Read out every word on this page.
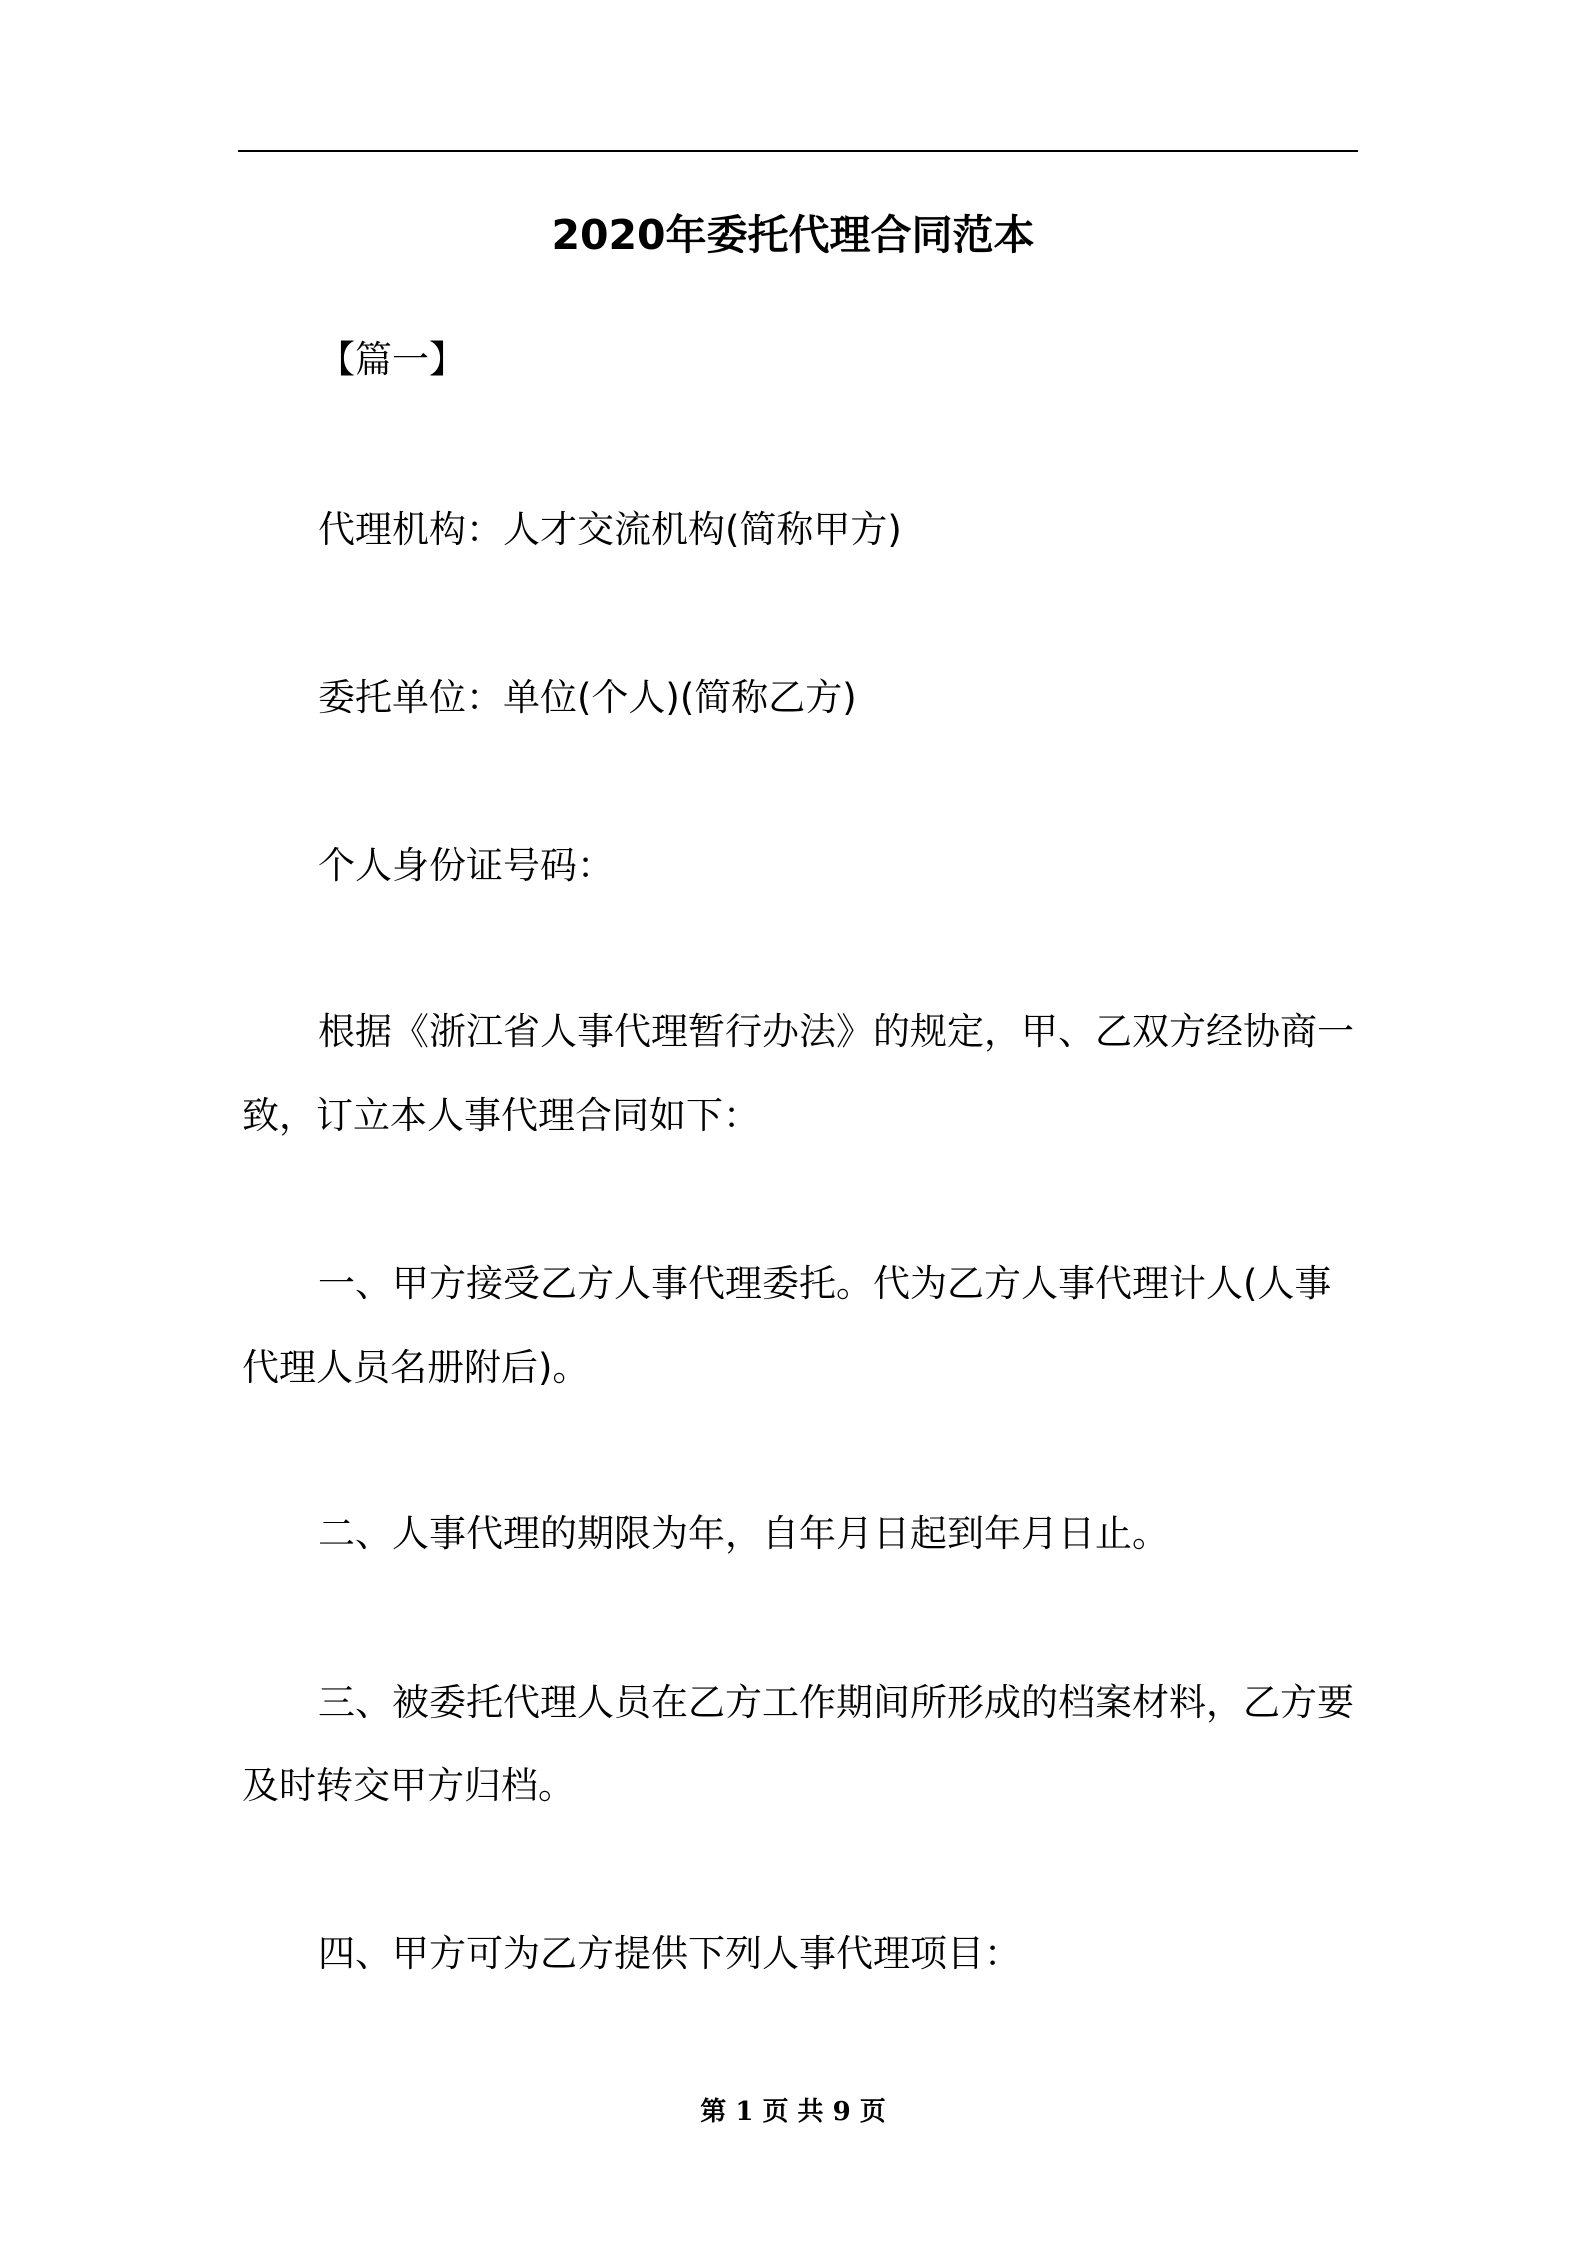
2020年委托代理合同范本
【篇一】
代理机构：人才交流机构(简称甲方)
委托单位：单位(个人)(简称乙方)
个人身份证号码：
根据《浙江省人事代理暂行办法》的规定，甲、乙双方经协商一
致，订立本人事代理合同如下：
一、甲方接受乙方人事代理委托。代为乙方人事代理计人(人事
代理人员名册附后)。
二、人事代理的期限为年，自年月日起到年月日止。
三、被委托代理人员在乙方工作期间所形成的档案材料，乙方要
及时转交甲方归档。
四、甲方可为乙方提供下列人事代理项目：
第 1 页 共 9 页
